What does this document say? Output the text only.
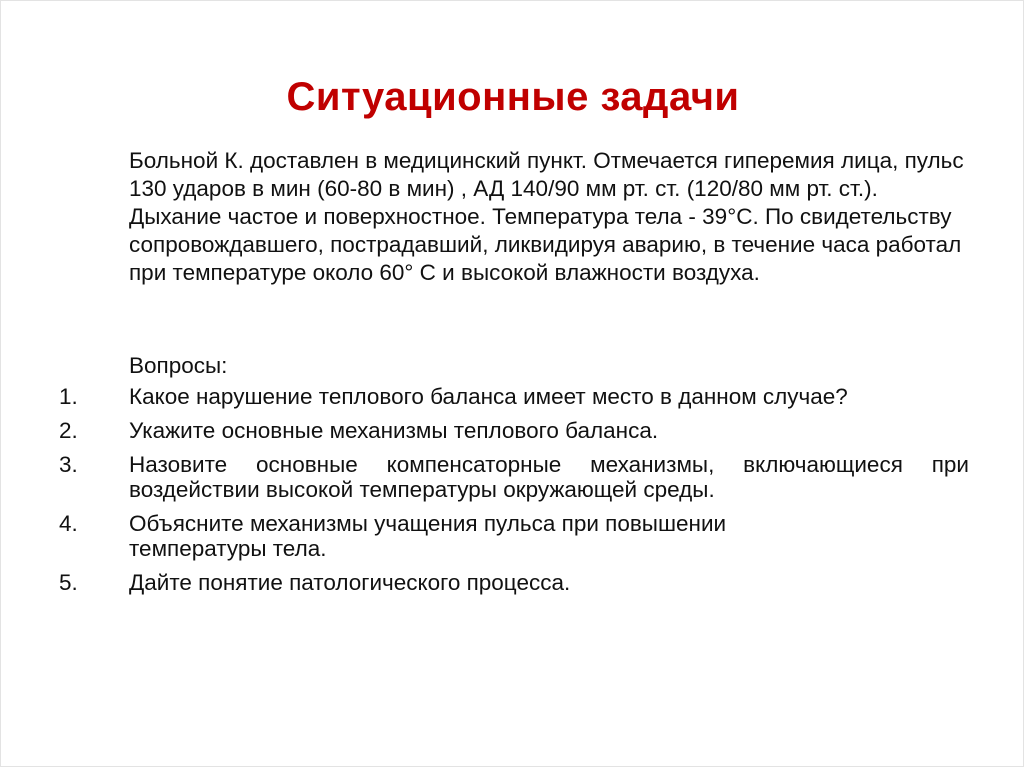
Ситуационные задачи
Больной К. доставлен в медицинский пункт. Отмечается гиперемия лица, пульс 130 ударов в мин (60-80 в мин) , АД 140/90 мм рт. ст. (120/80 мм рт. ст.). Дыхание частое и поверхностное. Температура тела - 39°С. По свидетельству сопровождавшего, пострадавший, ликвидируя аварию, в течение часа работал при температуре около 60° С и высокой влажности воздуха.
Вопросы:
1.	Какое нарушение теплового баланса имеет место в данном случае?
2.	Укажите основные механизмы теплового баланса.
3.	Назовите основные компенсаторные механизмы, включающиеся при воздействии высокой температуры окружающей среды.
4.	Объясните механизмы учащения пульса при повышении температуры тела.
5.	Дайте понятие патологического процесса.
